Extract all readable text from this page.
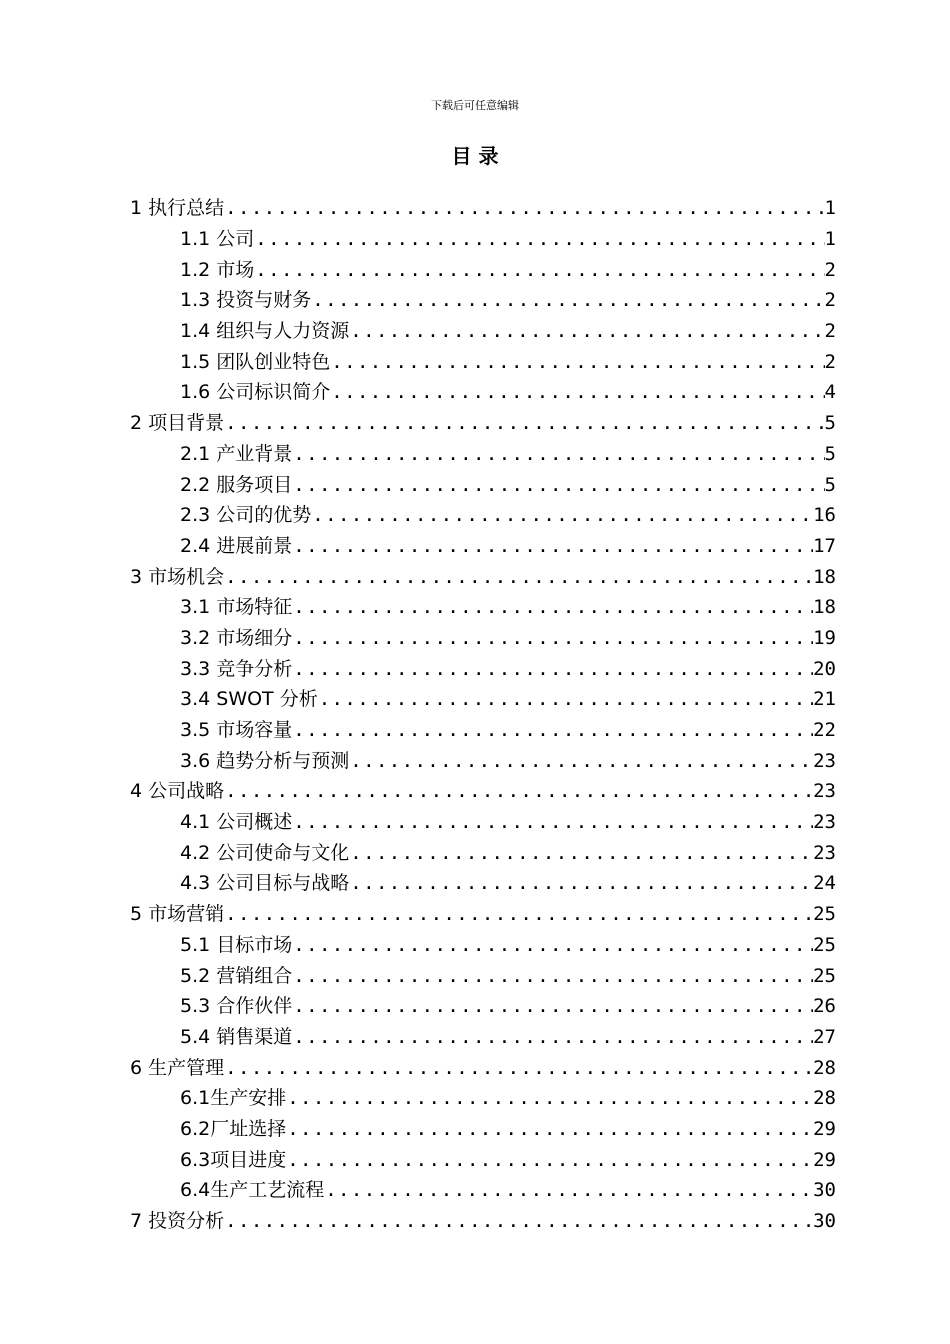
下载后可任意编辑
目 录
1 执行总结 .....	1
1.1 公司 .....	1
1.2 市场 .....	2
1.3 投资与财务 .....	2
1.4 组织与人力资源 .....	2
1.5 团队创业特色 .....	2
1.6 公司标识简介 .....	4
2 项目背景 .....	5
2.1 产业背景 .....	5
2.2 服务项目 .....	5
2.3 公司的优势 .....	16
2.4 进展前景 .....	17
3 市场机会 .....	18
3.1 市场特征 .....	18
3.2 市场细分 .....	19
3.3 竞争分析 .....	20
3.4 SWOT 分析 .....	21
3.5 市场容量 .....	22
3.6 趋势分析与预测 .....	23
4 公司战略 .....	23
4.1 公司概述 .....	23
4.2 公司使命与文化 .....	23
4.3 公司目标与战略 .....	24
5 市场营销 .....	25
5.1 目标市场 .....	25
5.2 营销组合 .....	25
5.3 合作伙伴 .....	26
5.4 销售渠道 .....	27
6 生产管理 .....	28
6.1生产安排 .....	28
6.2厂址选择 .....	29
6.3项目进度 .....	29
6.4生产工艺流程 .....	30
7 投资分析 .....	30
